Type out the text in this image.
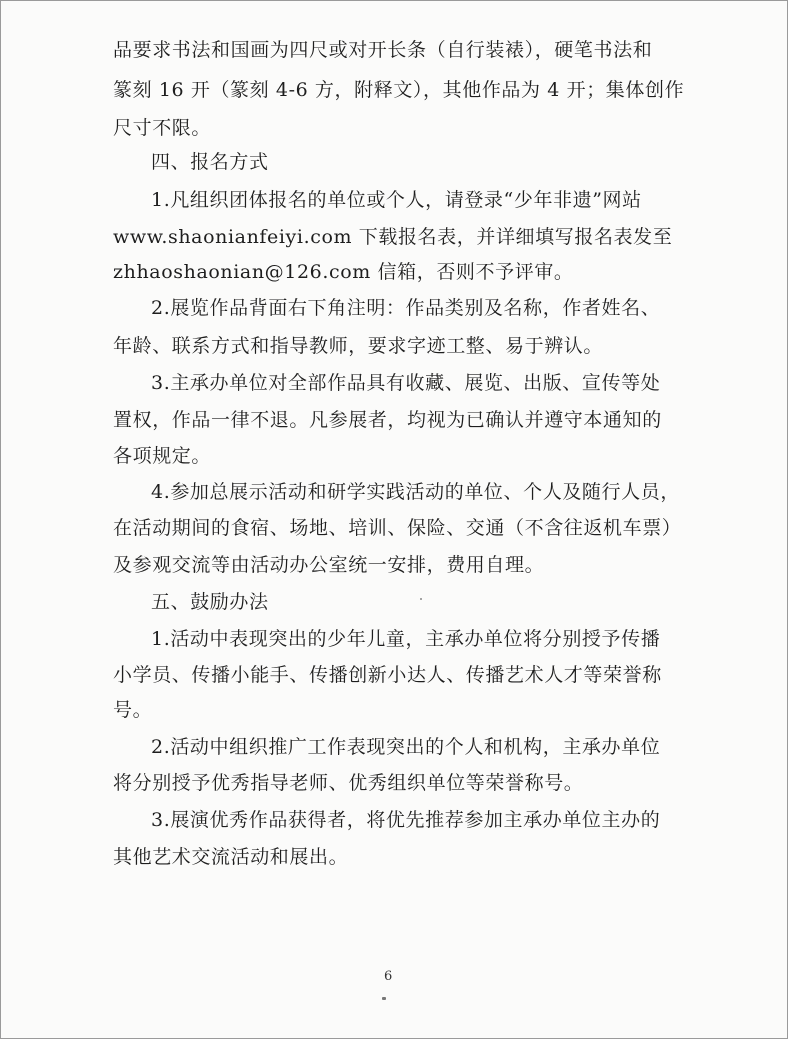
品要求书法和国画为四尺或对开长条（自行装裱），硬笔书法和
篆刻 16 开（篆刻 4-6 方，附释文），其他作品为 4 开；集体创作
尺寸不限。
四、报名方式
1.凡组织团体报名的单位或个人，请登录“少年非遗”网站
www.shaonianfeiyi.com 下载报名表，并详细填写报名表发至
zhhaoshaonian@126.com 信箱，否则不予评审。
2.展览作品背面右下角注明：作品类别及名称，作者姓名、
年龄、联系方式和指导教师，要求字迹工整、易于辨认。
3.主承办单位对全部作品具有收藏、展览、出版、宣传等处
置权，作品一律不退。凡参展者，均视为已确认并遵守本通知的
各项规定。
4.参加总展示活动和研学实践活动的单位、个人及随行人员，
在活动期间的食宿、场地、培训、保险、交通（不含往返机车票）
及参观交流等由活动办公室统一安排，费用自理。
五、鼓励办法
1.活动中表现突出的少年儿童，主承办单位将分别授予传播
小学员、传播小能手、传播创新小达人、传播艺术人才等荣誉称
号。
2.活动中组织推广工作表现突出的个人和机构，主承办单位
将分别授予优秀指导老师、优秀组织单位等荣誉称号。
3.展演优秀作品获得者，将优先推荐参加主承办单位主办的
其他艺术交流活动和展出。
6
